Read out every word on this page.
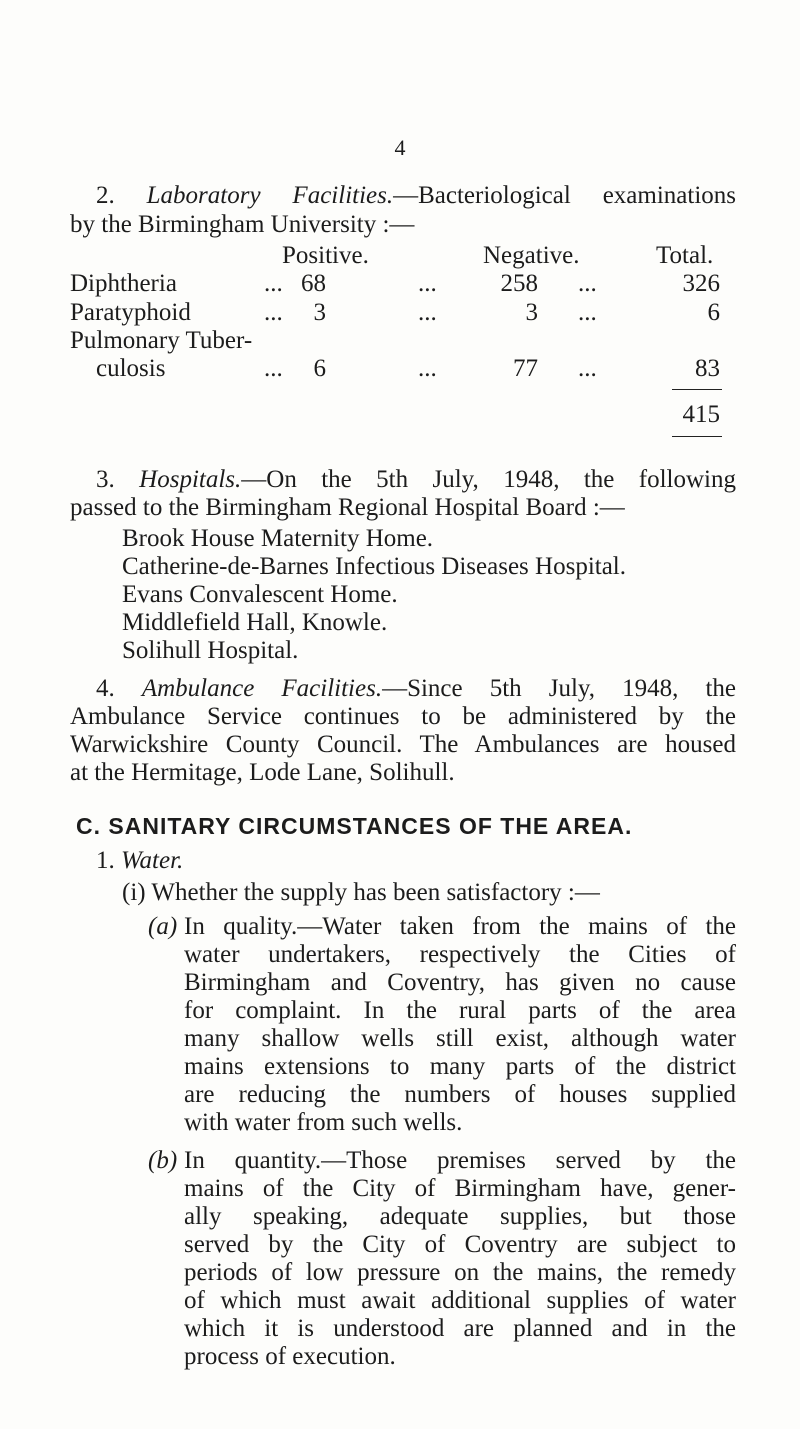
4
2. Laboratory Facilities.—Bacteriological examinations
by the Birmingham University :—
Positive.	Negative.	Total.
Diphtheria	... 68	...	258 ...	326
Paratyphoid	...	3	...	3 ...	6
Pulmonary Tuber-
culosis	...	6	...	77 ...	83
415
3. Hospitals.—On the 5th July, 1948, the following
passed to the Birmingham Regional Hospital Board :—
Brook House Maternity Home.
Catherine-de-Barnes Infectious Diseases Hospital.
Evans Convalescent Home.
Middlefield Hall, Knowle.
Solihull Hospital.
4. Ambulance Facilities.—Since 5th July, 1948, the
Ambulance Service continues to be administered by the
Warwickshire County Council. The Ambulances are housed
at the Hermitage, Lode Lane, Solihull.
C. SANITARY CIRCUMSTANCES OF THE AREA.
1. Water.
(i) Whether the supply has been satisfactory :—
(a) In quality.—Water taken from the mains of the
water undertakers, respectively the Cities of
Birmingham and Coventry, has given no cause
for complaint. In the rural parts of the area
many shallow wells still exist, although water
mains extensions to many parts of the district
are reducing the numbers of houses supplied
with water from such wells.
(b) In quantity.—Those premises served by the
mains of the City of Birmingham have, gener-
ally speaking, adequate supplies, but those
served by the City of Coventry are subject to
periods of low pressure on the mains, the remedy
of which must await additional supplies of water
which it is understood are planned and in the
process of execution.
